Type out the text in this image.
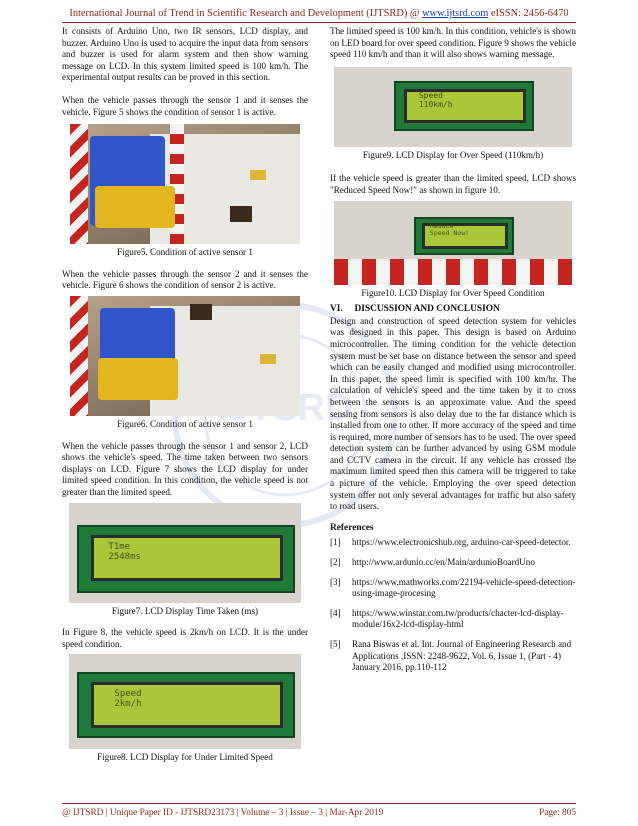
International Journal of Trend in Scientific Research and Development (IJTSRD) @ www.ijtsrd.com eISSN: 2456-6470

It consists of Arduino Uno, two IR sensors, LCD display, and buzzer. Arduino Uno is used to acquire the input data from sensors and buzzer is used for alarm system and then show warning message on LCD. In this system limited speed is 100 km/h. The experimental output results can be proved in this section.

When the vehicle passes through the sensor 1 and it senses the vehicle. Figure 5 shows the condition of sensor 1 is active.

Figure5. Condition of active sensor 1

When the vehicle passes through the sensor 2 and it senses the vehicle. Figure 6 shows the condition of sensor 2 is active.

Figure6. Condition of active sensor 1

When the vehicle passes through the sensor 1 and sensor 2, LCD shows the vehicle's speed. The time taken between two sensors displays on LCD. Figure 7 shows the LCD display for under limited speed condition. In this condition, the vehicle speed is not greater than the limited speed.

T1me
2548ms
Figure7. LCD Display Time Taken (ms)

In Figure 8, the vehicle speed is 2km/h on LCD. It is the under speed condition.

Speed
2km/h
Figure8. LCD Display for Under Limited Speed

The limited speed is 100 km/h. In this condition, vehicle's is shown on LED board for over speed condition. Figure 9 shows the vehicle speed 110 km/h and than it will also shows warning message.

Speed
110km/h
Figure9. LCD Display for Over Speed (110km/h)

If the vehicle speed is greater than the limited speed, LCD shows "Reduced Speed Now!" as shown in figure 10.

Reduce
Speed Now!
Figure10. LCD Display for Over Speed Condition
VI. DISCUSSION AND CONCLUSION

Design and construction of speed detection system for vehicles was designed in this paper. This design is based on Arduino microcontroller. The timing condition for the vehicle detection system must be set base on distance between the sensor and speed which can be easily changed and modified using microcontroller. In this paper, the speed limit is specified with 100 km/hr. The calculation of vehicle's speed and the time taken by it to cross between the sensors is an approximate value. And the speed sensing from sensors is also delay due to the far distance which is installed from one to other. If more accuracy of the speed and time is required, more number of sensors has to be used. The over speed detection system can be further advanced by using GSM module and CCTV camera in the circuit. If any vehicle has crossed the maximum limited speed then this camera will be triggered to take a picture of the vehicle. Employing the over speed detection system offer not only several advantages for traffic but also safety to road users.

References
[1]	https://www.electronicshub.org, arduino-car-speed-detector.
[2]	http://www.ardunio.cc/en/Main/ardunioBoardUno
[3]	https://www.mathworks.com/22194-vehicle-speed-detection-using-image-procesing
[4]	https://www.winstar.com.tw/products/chacter-lcd-display-module/16x2-lcd-display-html
[5]	Rana Biswas et al. Int. Journal of Engineering Research and Applications ,ISSN: 2248-9622, Vol. 6, Issue 1, (Part - 4) January 2016, pp.110-112
@ IJTSRD | Unique Paper ID - IJTSRD23173 | Volume – 3 | Issue – 3 | Mar-Apr 2019	Page: 805
